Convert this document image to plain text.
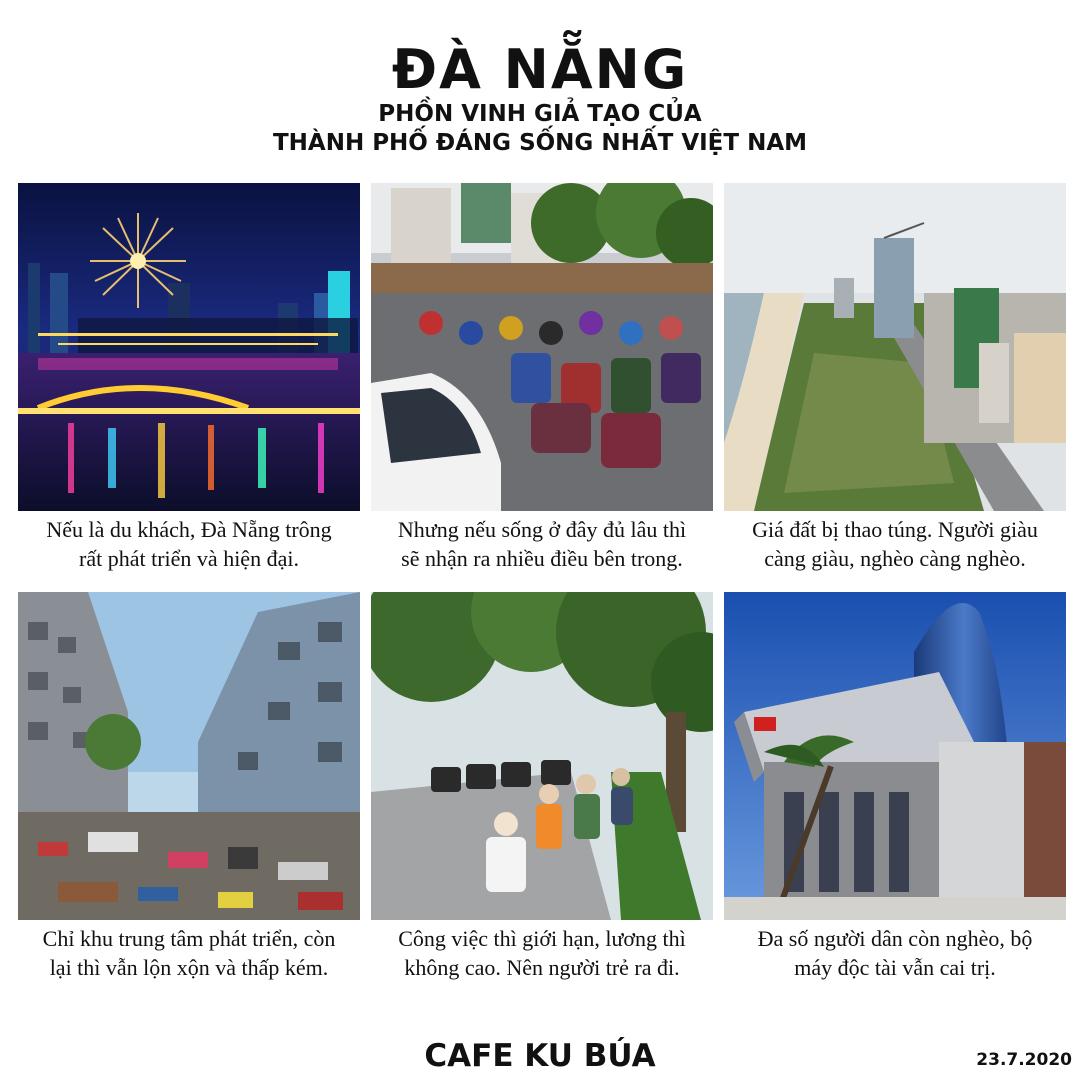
ĐÀ NẴNG
PHỒN VINH GIẢ TẠO CỦA
THÀNH PHỐ ĐÁNG SỐNG NHẤT VIỆT NAM
Nếu là du khách, Đà Nẵng trông
rất phát triển và hiện đại.
Nhưng nếu sống ở đây đủ lâu thì
sẽ nhận ra nhiều điều bên trong.
Giá đất bị thao túng. Người giàu
càng giàu, nghèo càng nghèo.
Chỉ khu trung tâm phát triển, còn
lại thì vẫn lộn xộn và thấp kém.
Công việc thì giới hạn, lương thì
không cao. Nên người trẻ ra đi.
Đa số người dân còn nghèo, bộ
máy độc tài vẫn cai trị.
CAFE KU BÚA	23.7.2020
